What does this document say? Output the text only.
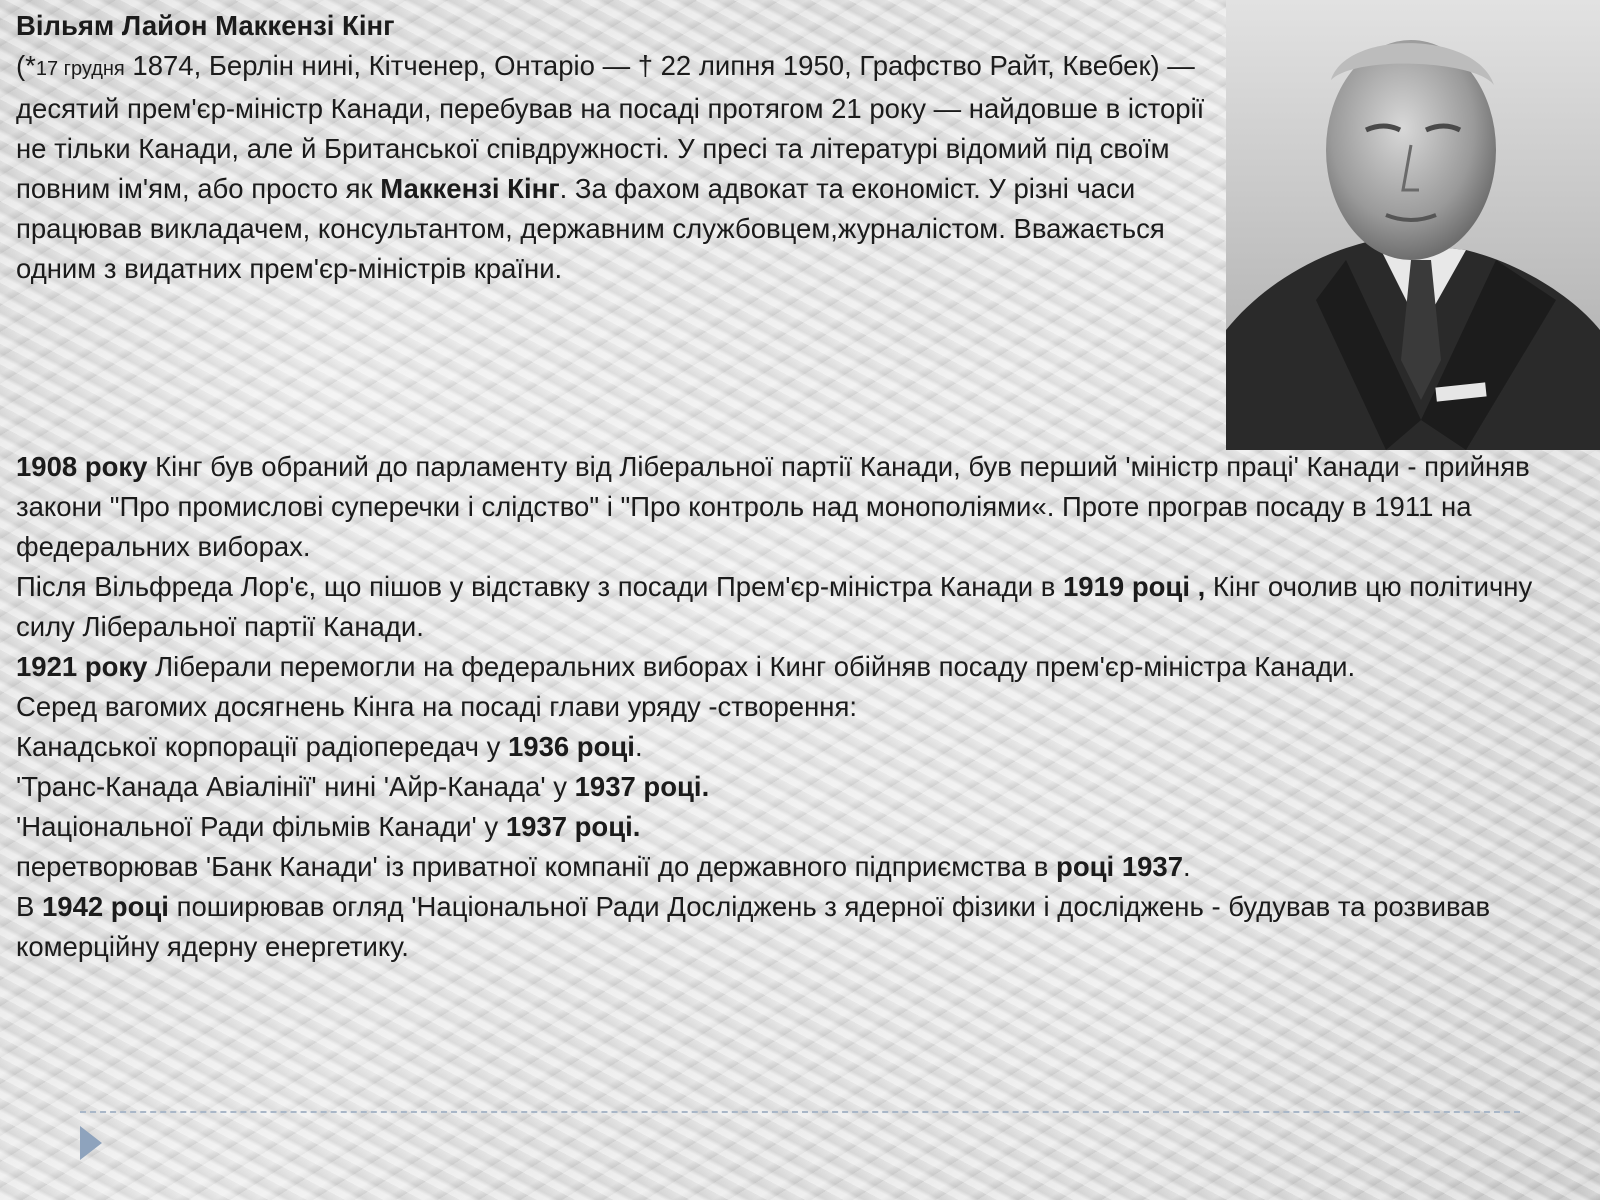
Вільям Лайон Маккензі Кінг
(*17 грудня 1874, Берлін нині, Кітченер, Онтаріо — † 22 липня 1950, Графство Райт, Квебек) — десятий прем'єр-міністр Канади, перебував на посаді протягом 21 року — найдовше в історії не тільки Канади, але й Британської співдружності. У пресі та літературі відомий під своїм повним ім'ям, або просто як Маккензі Кінг. За фахом адвокат та економіст. У різні часи працював викладачем, консультантом, державним службовцем,журналістом. Вважається одним з видатних прем'єр-міністрів країни.

1908 року Кінг був обраний до парламенту від Ліберальної партії Канади, був перший 'міністр праці' Канади - прийняв закони "Про промислові суперечки і слідство" і "Про контроль над монополіями«. Проте програв посаду в 1911 на федеральних виборах.

Після Вільфреда Лор'є, що пішов у відставку з посади Прем'єр-міністра Канади в 1919 році , Кінг очолив цю політичну силу Ліберальної партії Канади.

1921 року Лiберали перемогли на федеральних виборах і Кинг обійняв посаду прем'єр-міністра Канади.

Серед вагомих досягнень Кінга на посаді глави уряду -створення:

Канадської корпорації радіопередач у 1936 році.

'Транс-Канада Авіалінії' нині 'Айр-Канада' у 1937 році.

'Національної Ради фільмів Канади' у 1937 році.

перетворював 'Банк Канади' із приватної компанії до державного підприємства в році 1937.

В 1942 році поширював огляд 'Національної Ради Досліджень з ядерної фізики і досліджень - будував та розвивав комерційну ядерну енергетику.
